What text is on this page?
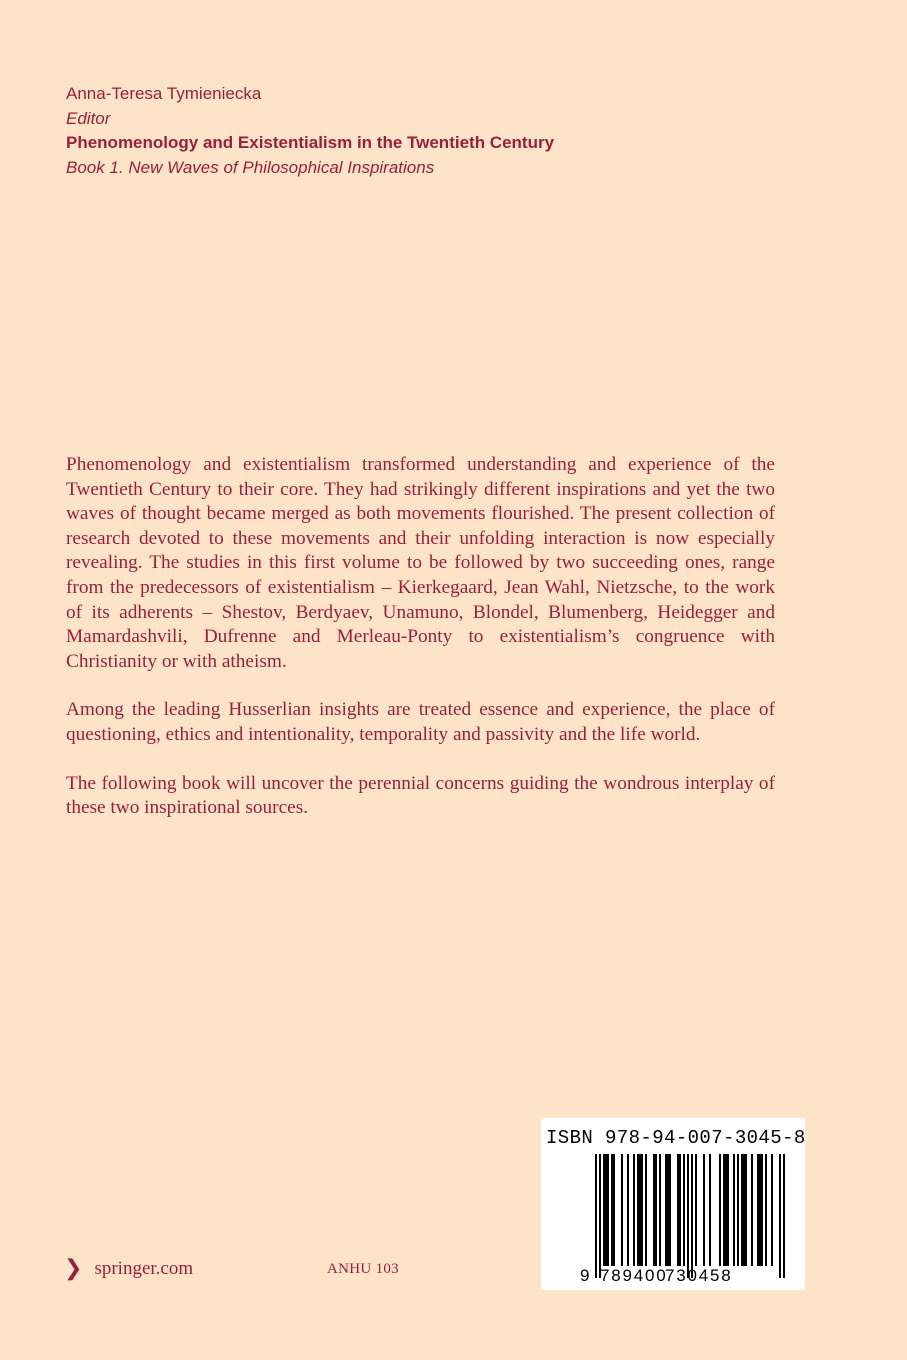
Anna-Teresa Tymieniecka
Editor
Phenomenology and Existentialism in the Twentieth Century
Book 1. New Waves of Philosophical Inspirations

Phenomenology and existentialism transformed understanding and experience of the Twentieth Century to their core. They had strikingly different inspirations and yet the two waves of thought became merged as both movements flourished. The present collection of research devoted to these movements and their unfolding interaction is now especially revealing. The studies in this first volume to be followed by two succeeding ones, range from the predecessors of existentialism – Kierkegaard, Jean Wahl, Nietzsche, to the work of its adherents – Shestov, Berdyaev, Unamuno, Blondel, Blumenberg, Heidegger and Mamardashvili, Dufrenne and Merleau-Ponty to existentialism’s congruence with Christianity or with atheism.

Among the leading Husserlian insights are treated essence and experience, the place of questioning, ethics and intentionality, temporality and passivity and the life world.

The following book will uncover the perennial concerns guiding the wondrous interplay of these two inspirational sources.

❯ springer.com	ANHU 103
ISBN 978-94-007-3045-8
9 789400
730458
